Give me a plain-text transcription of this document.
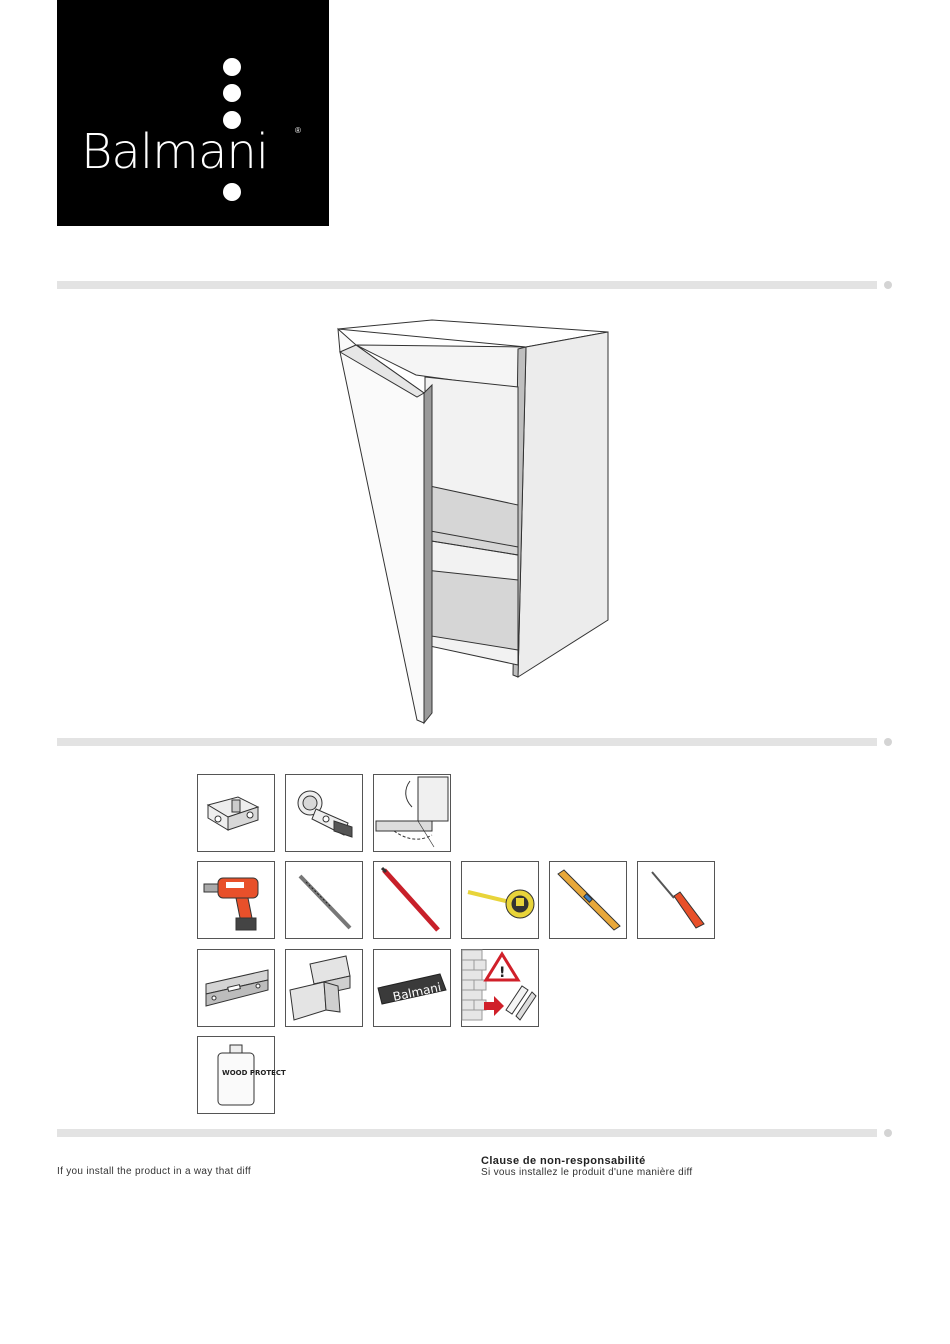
Balmani	®
Balmani
!
WOOD PROTECT
If you install the product in a way that diff
Clause de non-responsabilité
Si vous installez le produit d'une manière diff
